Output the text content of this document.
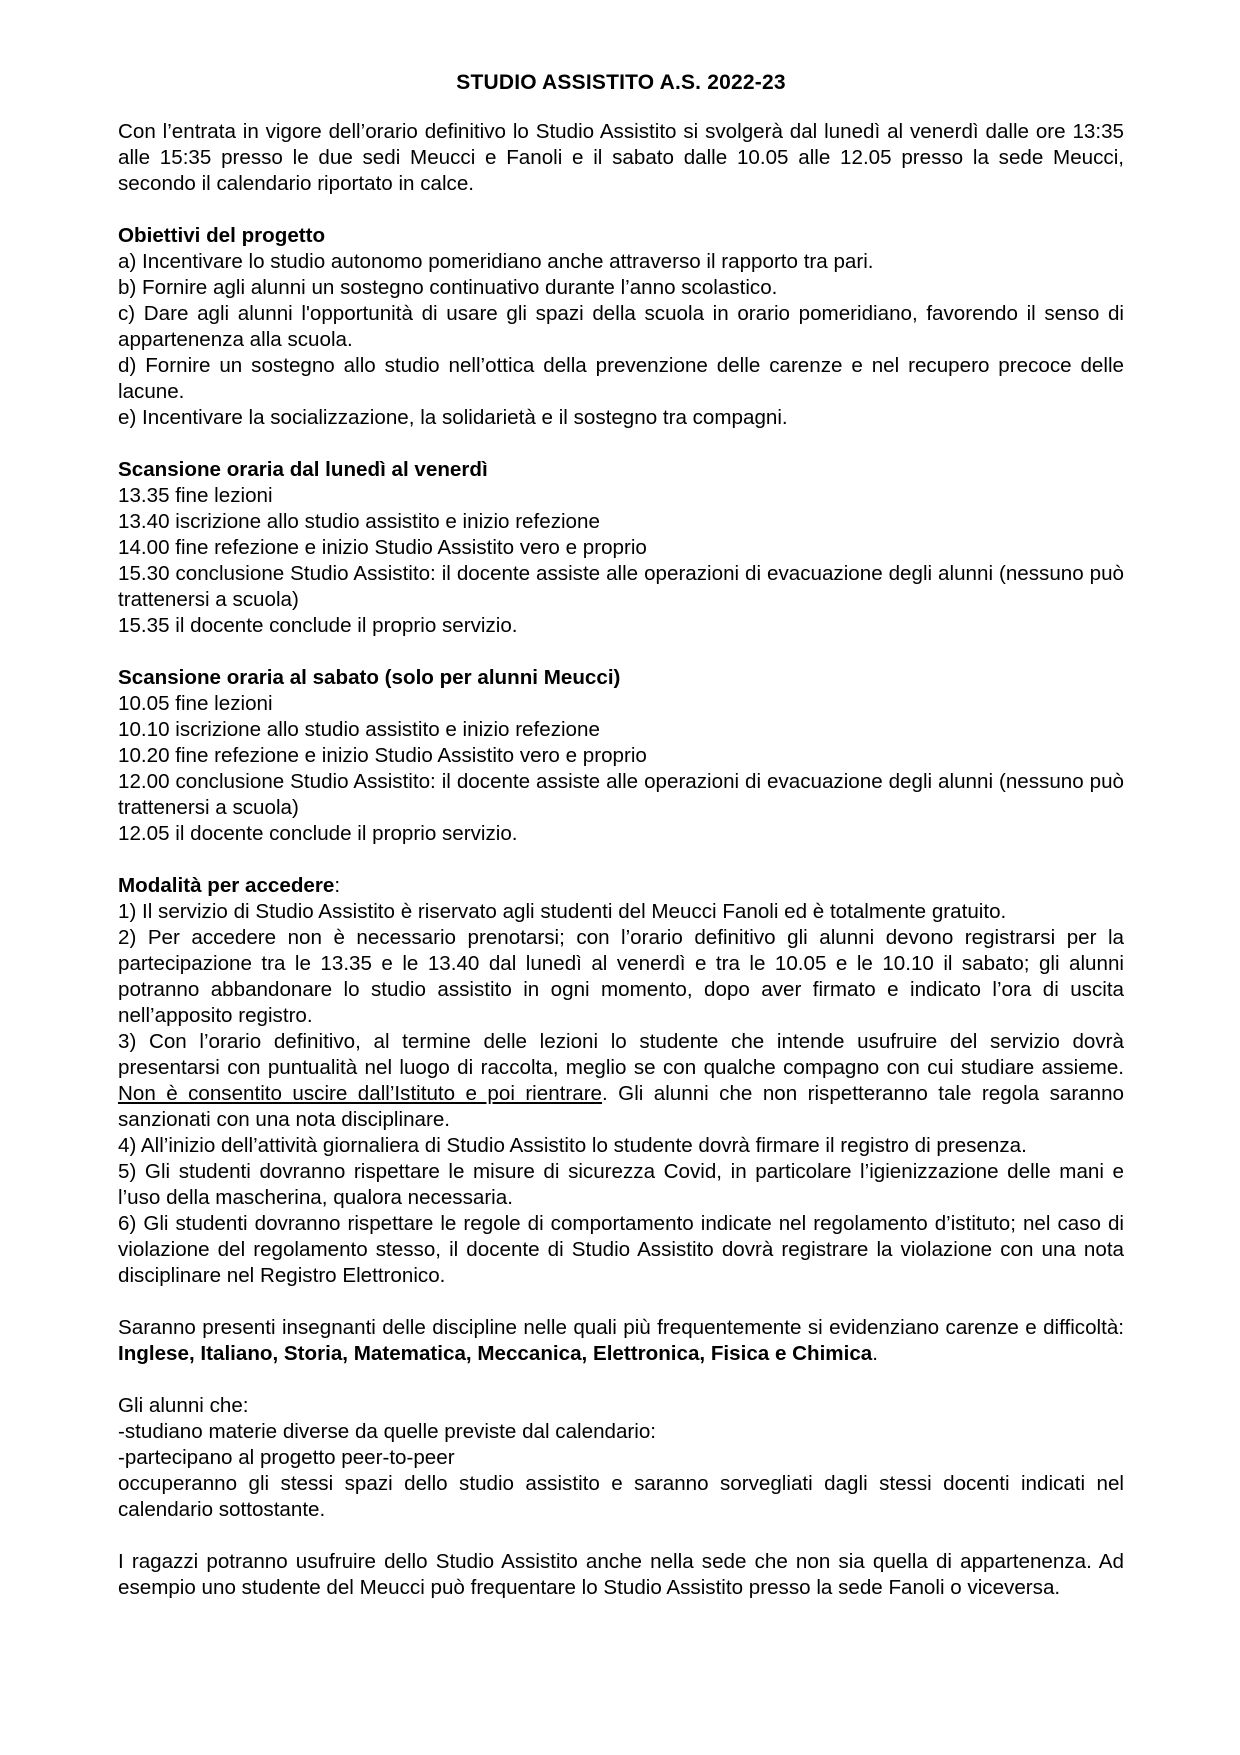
STUDIO ASSISTITO A.S. 2022-23

Con l’entrata in vigore dell’orario definitivo lo Studio Assistito si svolgerà dal lunedì al venerdì dalle ore 13:35 alle 15:35 presso le due sedi Meucci e Fanoli e il sabato dalle 10.05 alle 12.05 presso la sede Meucci, secondo il calendario riportato in calce.

Obiettivi del progetto

a) Incentivare lo studio autonomo pomeridiano anche attraverso il rapporto tra pari.

b) Fornire agli alunni un sostegno continuativo durante l’anno scolastico.

c) Dare agli alunni l'opportunità di usare gli spazi della scuola in orario pomeridiano, favorendo il senso di appartenenza alla scuola.

d) Fornire un sostegno allo studio nell’ottica della prevenzione delle carenze e nel recupero precoce delle lacune.

e) Incentivare la socializzazione, la solidarietà e il sostegno tra compagni.

Scansione oraria dal lunedì al venerdì

13.35 fine lezioni

13.40 iscrizione allo studio assistito e inizio refezione

14.00 fine refezione e inizio Studio Assistito vero e proprio

15.30 conclusione Studio Assistito: il docente assiste alle operazioni di evacuazione degli alunni (nessuno può trattenersi a scuola)

15.35 il docente conclude il proprio servizio.

Scansione oraria al sabato (solo per alunni Meucci)

10.05 fine lezioni

10.10 iscrizione allo studio assistito e inizio refezione

10.20 fine refezione e inizio Studio Assistito vero e proprio

12.00 conclusione Studio Assistito: il docente assiste alle operazioni di evacuazione degli alunni (nessuno può trattenersi a scuola)

12.05 il docente conclude il proprio servizio.

Modalità per accedere:

1) Il servizio di Studio Assistito è riservato agli studenti del Meucci Fanoli ed è totalmente gratuito.

2) Per accedere non è necessario prenotarsi; con l’orario definitivo gli alunni devono registrarsi per la partecipazione tra le 13.35 e le 13.40 dal lunedì al venerdì e tra le 10.05 e le 10.10 il sabato; gli alunni potranno abbandonare lo studio assistito in ogni momento, dopo aver firmato e indicato l’ora di uscita nell’apposito registro.

3) Con l’orario definitivo, al termine delle lezioni lo studente che intende usufruire del servizio dovrà presentarsi con puntualità nel luogo di raccolta, meglio se con qualche compagno con cui studiare assieme. Non è consentito uscire dall’Istituto e poi rientrare. Gli alunni che non rispetteranno tale regola saranno sanzionati con una nota disciplinare.

4) All’inizio dell’attività giornaliera di Studio Assistito lo studente dovrà firmare il registro di presenza.

5) Gli studenti dovranno rispettare le misure di sicurezza Covid, in particolare l’igienizzazione delle mani e l’uso della mascherina, qualora necessaria.

6) Gli studenti dovranno rispettare le regole di comportamento indicate nel regolamento d’istituto; nel caso di violazione del regolamento stesso, il docente di Studio Assistito dovrà registrare la violazione con una nota disciplinare nel Registro Elettronico.

Saranno presenti insegnanti delle discipline nelle quali più frequentemente si evidenziano carenze e difficoltà: Inglese, Italiano, Storia, Matematica, Meccanica, Elettronica, Fisica e Chimica.

Gli alunni che:

-studiano materie diverse da quelle previste dal calendario:

-partecipano al progetto peer-to-peer

occuperanno gli stessi spazi dello studio assistito e saranno sorvegliati dagli stessi docenti indicati nel calendario sottostante.

I ragazzi potranno usufruire dello Studio Assistito anche nella sede che non sia quella di appartenenza. Ad esempio uno studente del Meucci può frequentare lo Studio Assistito presso la sede Fanoli o viceversa.
